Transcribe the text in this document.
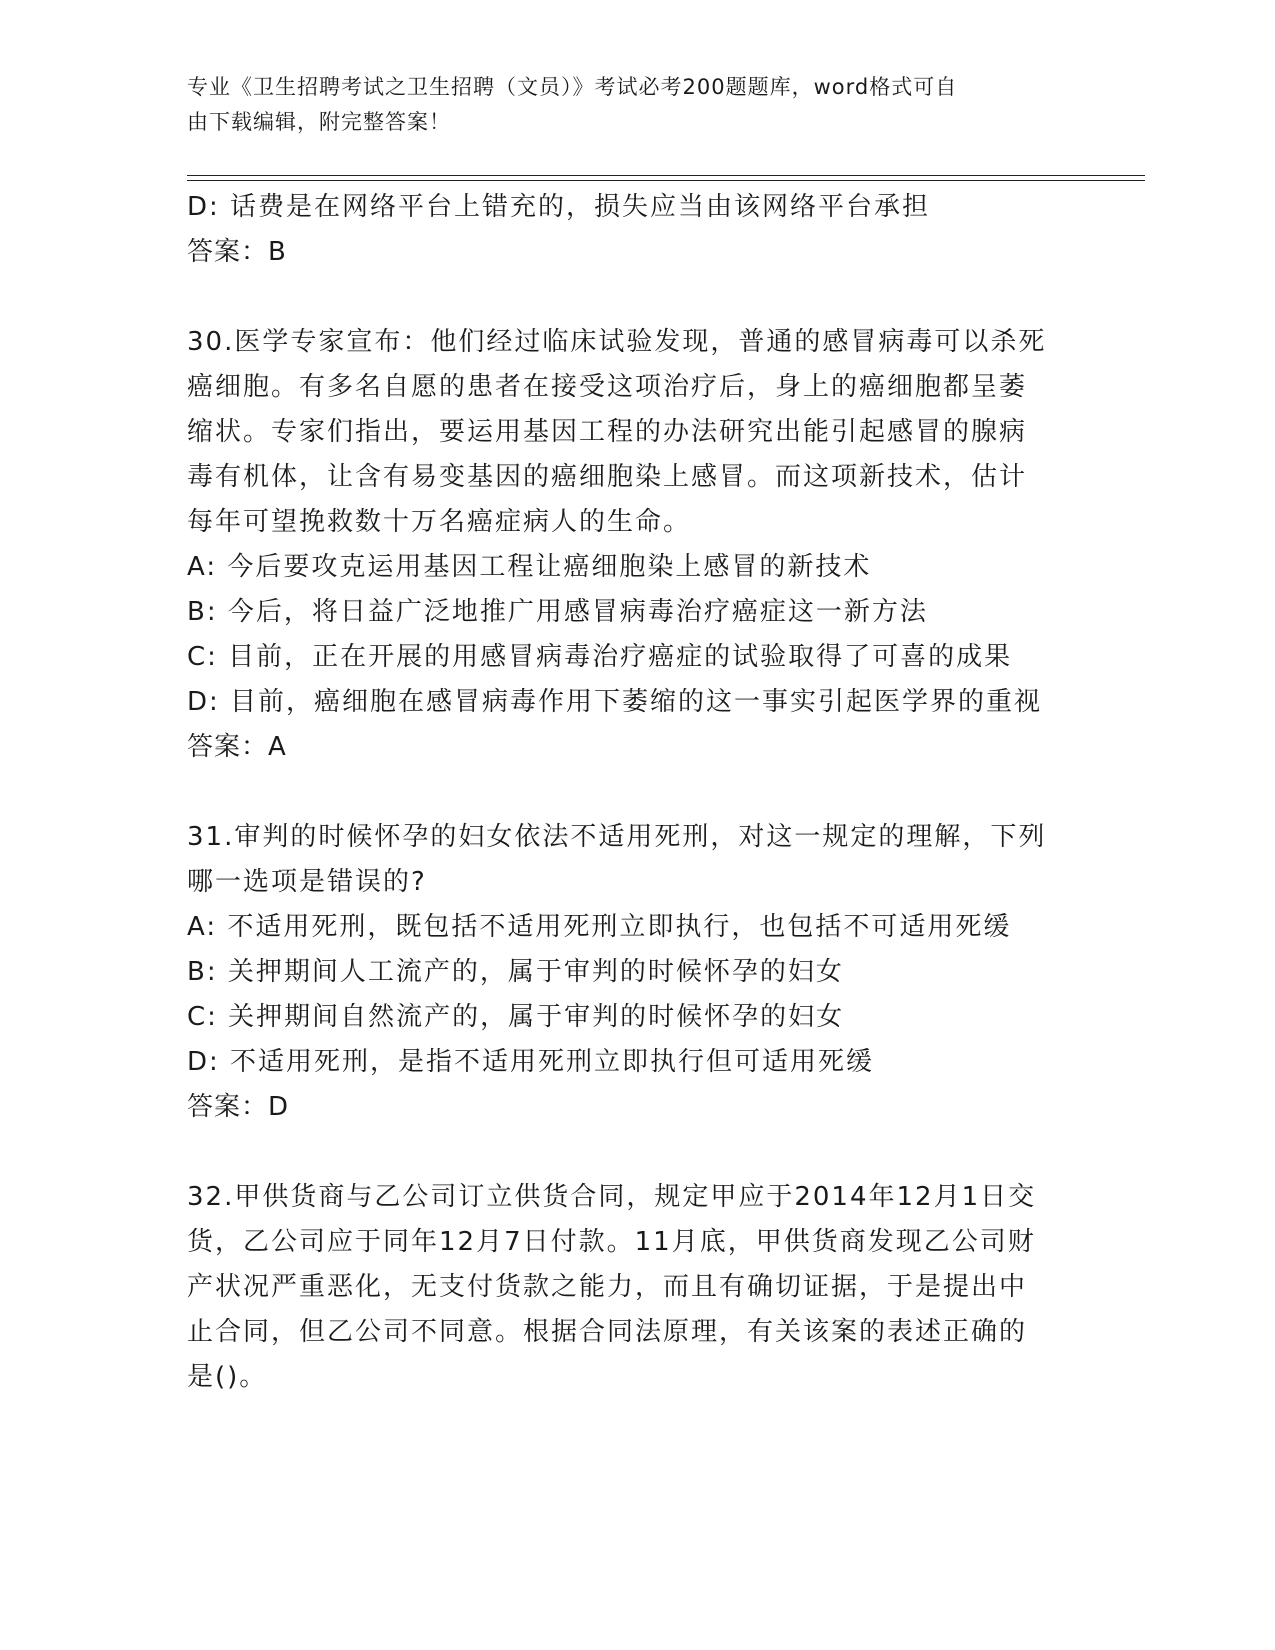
专业《卫生招聘考试之卫生招聘（文员）》考试必考200题题库，word格式可自
由下载编辑，附完整答案！
D: 话费是在网络平台上错充的，损失应当由该网络平台承担
答案：B
30.医学专家宣布：他们经过临床试验发现，普通的感冒病毒可以杀死
癌细胞。有多名自愿的患者在接受这项治疗后，身上的癌细胞都呈萎
缩状。专家们指出，要运用基因工程的办法研究出能引起感冒的腺病
毒有机体，让含有易变基因的癌细胞染上感冒。而这项新技术，估计
每年可望挽救数十万名癌症病人的生命。
A: 今后要攻克运用基因工程让癌细胞染上感冒的新技术
B: 今后，将日益广泛地推广用感冒病毒治疗癌症这一新方法
C: 目前，正在开展的用感冒病毒治疗癌症的试验取得了可喜的成果
D: 目前，癌细胞在感冒病毒作用下萎缩的这一事实引起医学界的重视
答案：A
31.审判的时候怀孕的妇女依法不适用死刑，对这一规定的理解，下列
哪一选项是错误的?
A: 不适用死刑，既包括不适用死刑立即执行，也包括不可适用死缓
B: 关押期间人工流产的，属于审判的时候怀孕的妇女
C: 关押期间自然流产的，属于审判的时候怀孕的妇女
D: 不适用死刑，是指不适用死刑立即执行但可适用死缓
答案：D
32.甲供货商与乙公司订立供货合同，规定甲应于2014年12月1日交
货，乙公司应于同年12月7日付款。11月底，甲供货商发现乙公司财
产状况严重恶化，无支付货款之能力，而且有确切证据，于是提出中
止合同，但乙公司不同意。根据合同法原理，有关该案的表述正确的
是()。
